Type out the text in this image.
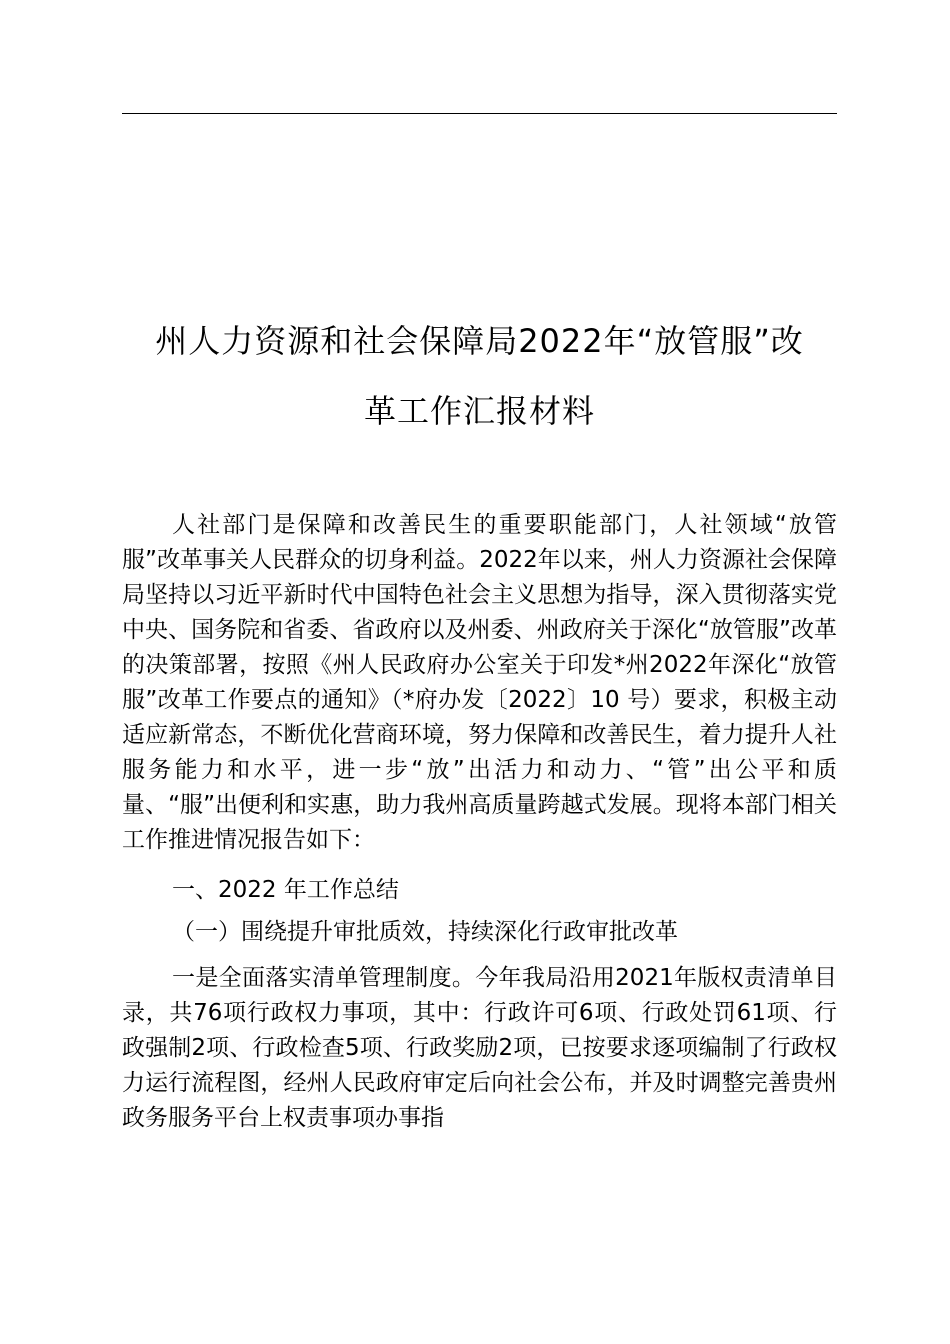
州人力资源和社会保障局2022年“放管服”改
革工作汇报材料

人社部门是保障和改善民生的重要职能部门，人社领域“放管服”改革事关人民群众的切身利益。2022年以来，州人力资源社会保障局坚持以习近平新时代中国特色社会主义思想为指导，深入贯彻落实党中央、国务院和省委、省政府以及州委、州政府关于深化“放管服”改革的决策部署，按照《州人民政府办公室关于印发*州2022年深化“放管服”改革工作要点的通知》（*府办发〔2022〕10 号）要求，积极主动适应新常态，不断优化营商环境，努力保障和改善民生，着力提升人社服务能力和水平，进一步“放”出活力和动力、“管”出公平和质量、“服”出便利和实惠，助力我州高质量跨越式发展。现将本部门相关工作推进情况报告如下：

一、2022 年工作总结

（一）围绕提升审批质效，持续深化行政审批改革

一是全面落实清单管理制度。今年我局沿用2021年版权责清单目录，共76项行政权力事项，其中：行政许可6项、行政处罚61项、行政强制2项、行政检查5项、行政奖励2项，已按要求逐项编制了行政权力运行流程图，经州人民政府审定后向社会公布，并及时调整完善贵州政务服务平台上权责事项办事指
